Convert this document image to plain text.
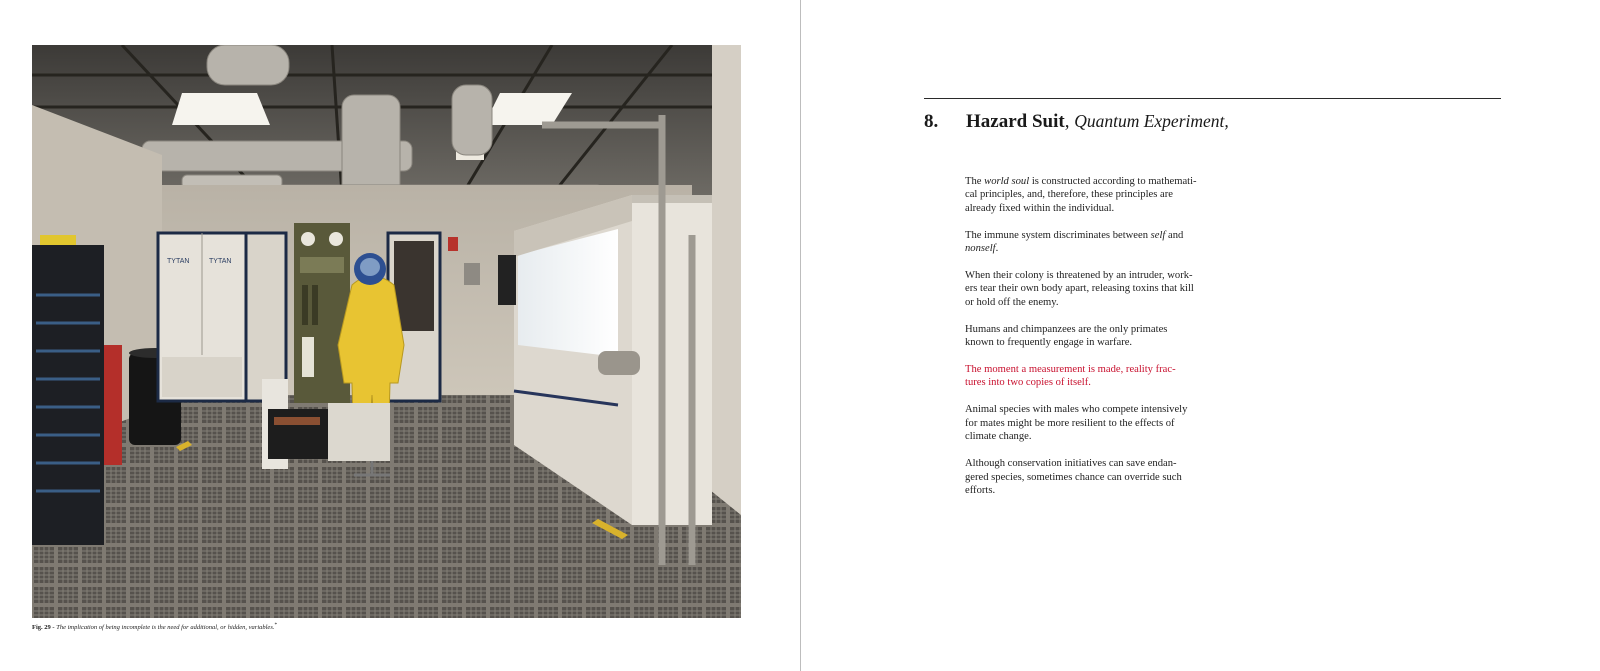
TYTAN	TYTAN
Fig. 29 - The implication of being incomplete is the need for additional, or hidden, variables.*
8. Hazard Suit, Quantum Experiment,

The world soul is constructed according to mathemati-
cal principles, and, therefore, these principles are
already fixed within the individual.

The immune system discriminates between self and
nonself.

When their colony is threatened by an intruder, work-
ers tear their own body apart, releasing toxins that kill
or hold off the enemy.

Humans and chimpanzees are the only primates
known to frequently engage in warfare.

The moment a measurement is made, reality frac-
tures into two copies of itself.

Animal species with males who compete intensively
for mates might be more resilient to the effects of
climate change.

Although conservation initiatives can save endan-
gered species, sometimes chance can override such
efforts.
